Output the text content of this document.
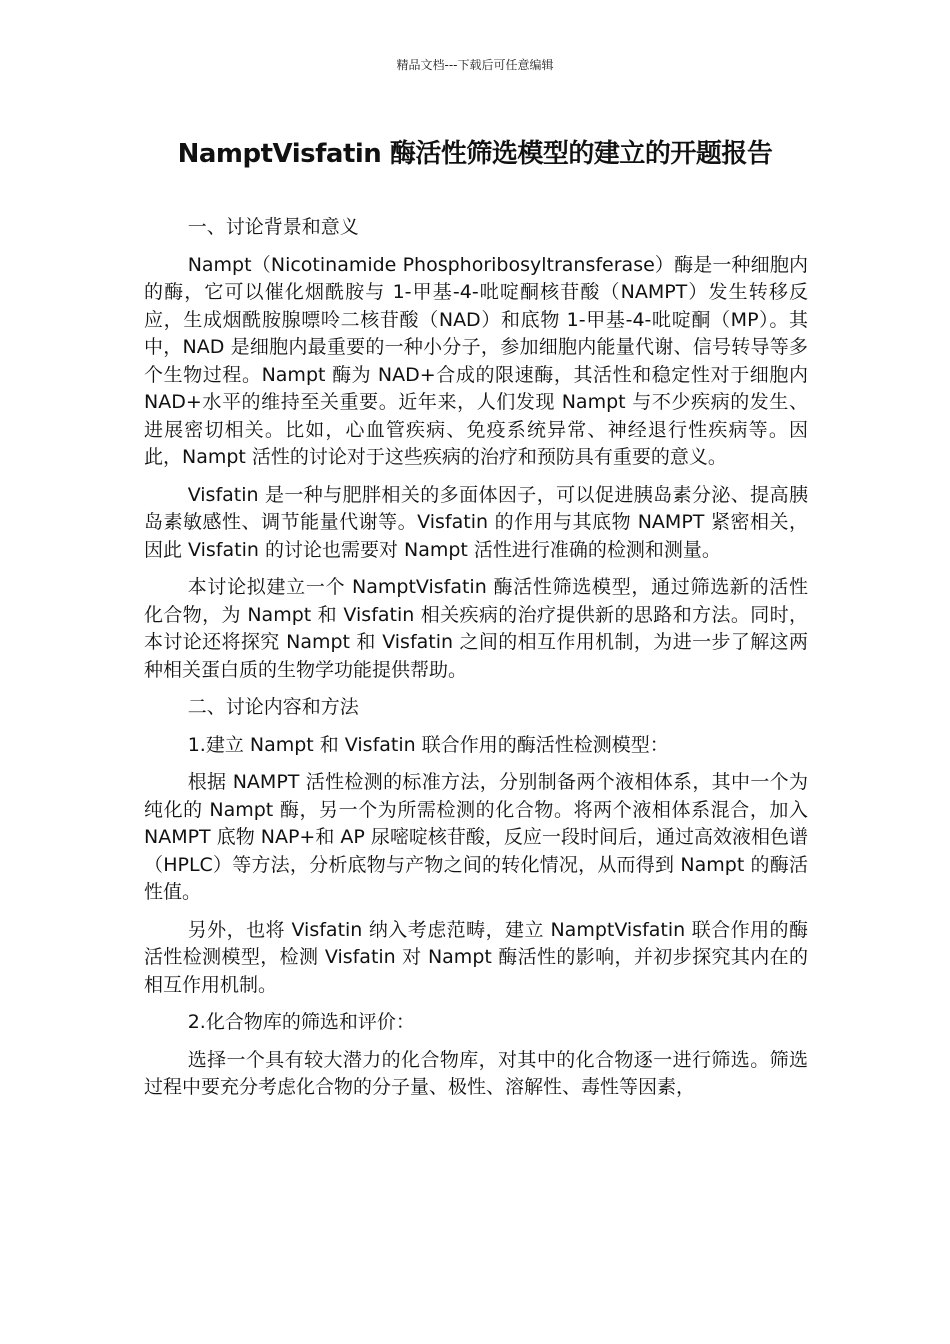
精品文档---下载后可任意编辑
NamptVisfatin 酶活性筛选模型的建立的开题报告

一、讨论背景和意义

Nampt（Nicotinamide Phosphoribosyltransferase）酶是一种细胞内的酶，它可以催化烟酰胺与 1-甲基-4-吡啶酮核苷酸（NAMPT）发生转移反应，生成烟酰胺腺嘌呤二核苷酸（NAD）和底物 1-甲基-4-吡啶酮（MP）。其中，NAD 是细胞内最重要的一种小分子，参加细胞内能量代谢、信号转导等多个生物过程。Nampt 酶为 NAD+合成的限速酶，其活性和稳定性对于细胞内 NAD+水平的维持至关重要。近年来，人们发现 Nampt 与不少疾病的发生、进展密切相关。比如，心血管疾病、免疫系统异常、神经退行性疾病等。因此，Nampt 活性的讨论对于这些疾病的治疗和预防具有重要的意义。

Visfatin 是一种与肥胖相关的多面体因子，可以促进胰岛素分泌、提高胰岛素敏感性、调节能量代谢等。Visfatin 的作用与其底物 NAMPT 紧密相关，因此 Visfatin 的讨论也需要对 Nampt 活性进行准确的检测和测量。

本讨论拟建立一个 NamptVisfatin 酶活性筛选模型，通过筛选新的活性化合物，为 Nampt 和 Visfatin 相关疾病的治疗提供新的思路和方法。同时，本讨论还将探究 Nampt 和 Visfatin 之间的相互作用机制，为进一步了解这两种相关蛋白质的生物学功能提供帮助。

二、讨论内容和方法

1.建立 Nampt 和 Visfatin 联合作用的酶活性检测模型：

根据 NAMPT 活性检测的标准方法，分别制备两个液相体系，其中一个为纯化的 Nampt 酶，另一个为所需检测的化合物。将两个液相体系混合，加入 NAMPT 底物 NAP+和 AP 尿嘧啶核苷酸，反应一段时间后，通过高效液相色谱（HPLC）等方法，分析底物与产物之间的转化情况，从而得到 Nampt 的酶活性值。

另外，也将 Visfatin 纳入考虑范畴，建立 NamptVisfatin 联合作用的酶活性检测模型，检测 Visfatin 对 Nampt 酶活性的影响，并初步探究其内在的相互作用机制。

2.化合物库的筛选和评价：

选择一个具有较大潜力的化合物库，对其中的化合物逐一进行筛选。筛选过程中要充分考虑化合物的分子量、极性、溶解性、毒性等因素，
